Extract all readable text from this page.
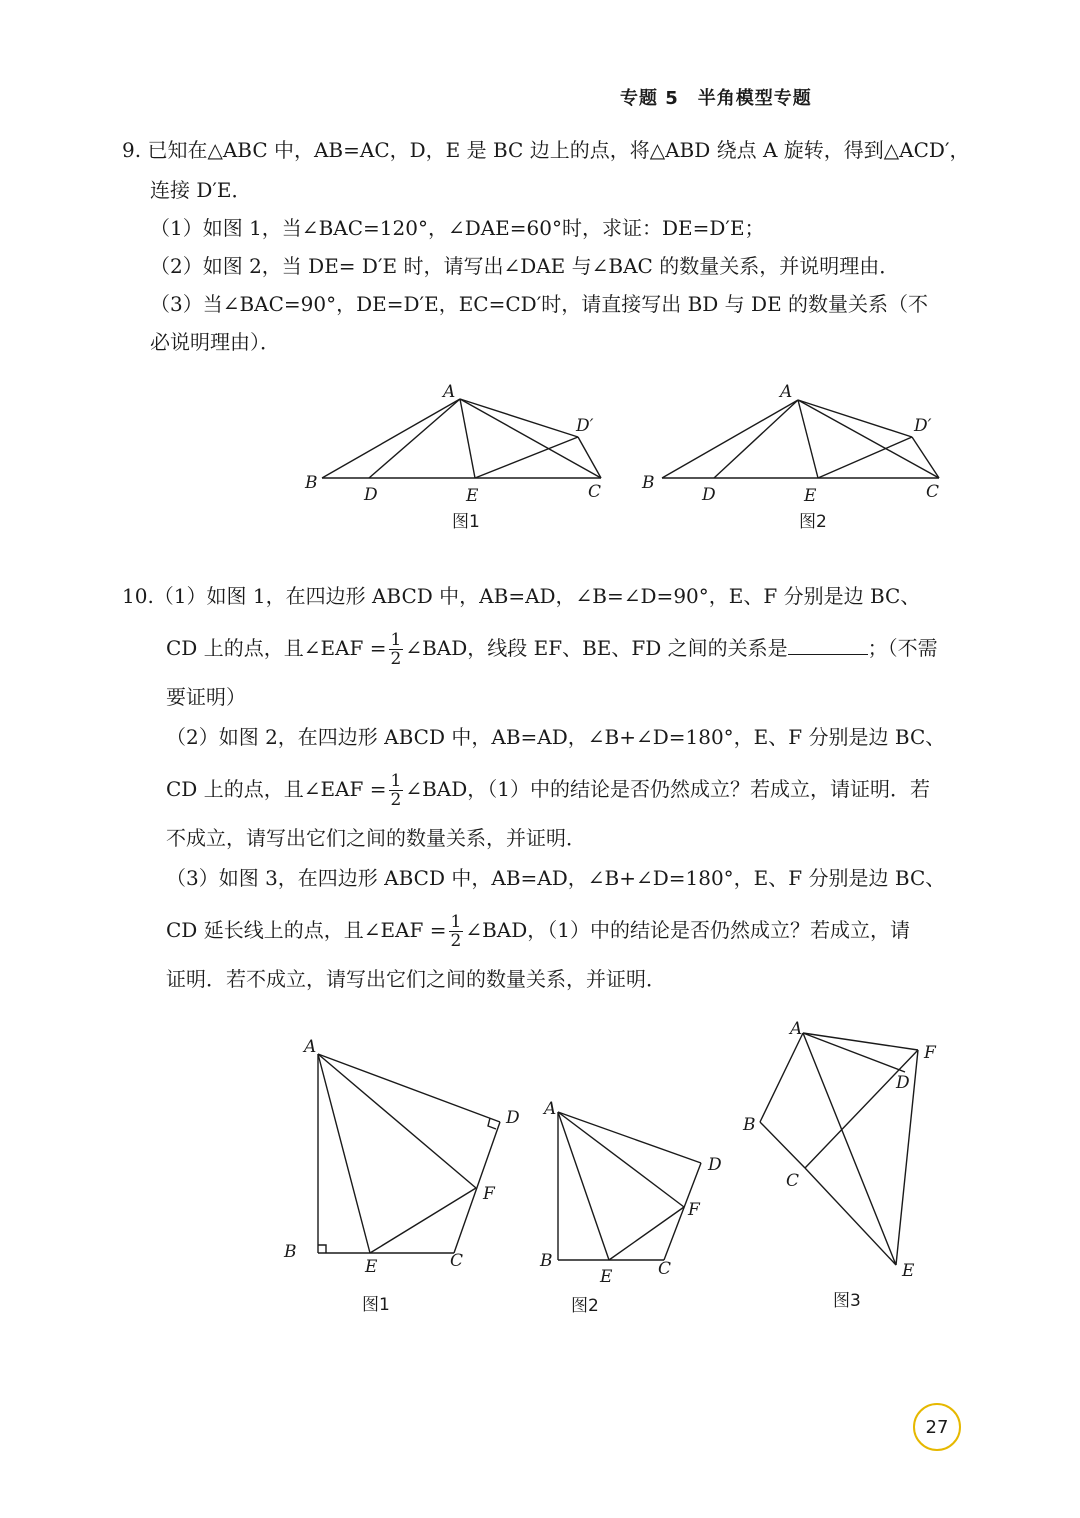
专题 5　半角模型专题
9. 已知在△ABC 中，AB=AC，D，E 是 BC 边上的点，将△ABD 绕点 A 旋转，得到△ACD′，
连接 D′E．
（1）如图 1，当∠BAC=120°，∠DAE=60°时，求证：DE=D′E；
（2）如图 2，当 DE= D′E 时，请写出∠DAE 与∠BAC 的数量关系，并说明理由．
（3）当∠BAC=90°，DE=D′E，EC=CD′时，请直接写出 BD 与 DE 的数量关系（不
必说明理由）．
A
B
D	E	C
D′
图1
A
B
D	E	C
D′
图2
10.（1）如图 1，在四边形 ABCD 中，AB=AD，∠B=∠D=90°，E、F 分别是边 BC、
CD 上的点，且∠EAF = $\frac{1}{2}$ ∠BAD，线段 EF、BE、FD 之间的关系是	；（不需
要证明）
（2）如图 2，在四边形 ABCD 中，AB=AD，∠B+∠D=180°，E、F 分别是边 BC、
CD 上的点，且∠EAF = $\frac{1}{2}$ ∠BAD，（1）中的结论是否仍然成立？若成立，请证明．若
不成立，请写出它们之间的数量关系，并证明．
（3）如图 3，在四边形 ABCD 中，AB=AD，∠B+∠D=180°，E、F 分别是边 BC、
CD 延长线上的点，且∠EAF = $\frac{1}{2}$ ∠BAD，（1）中的结论是否仍然成立？若成立，请
证明．若不成立，请写出它们之间的数量关系，并证明．
A
B
E	C
F
D
图1
A
B
E	C
F
D
图2
A
B
C
D
F
E
图3
27
